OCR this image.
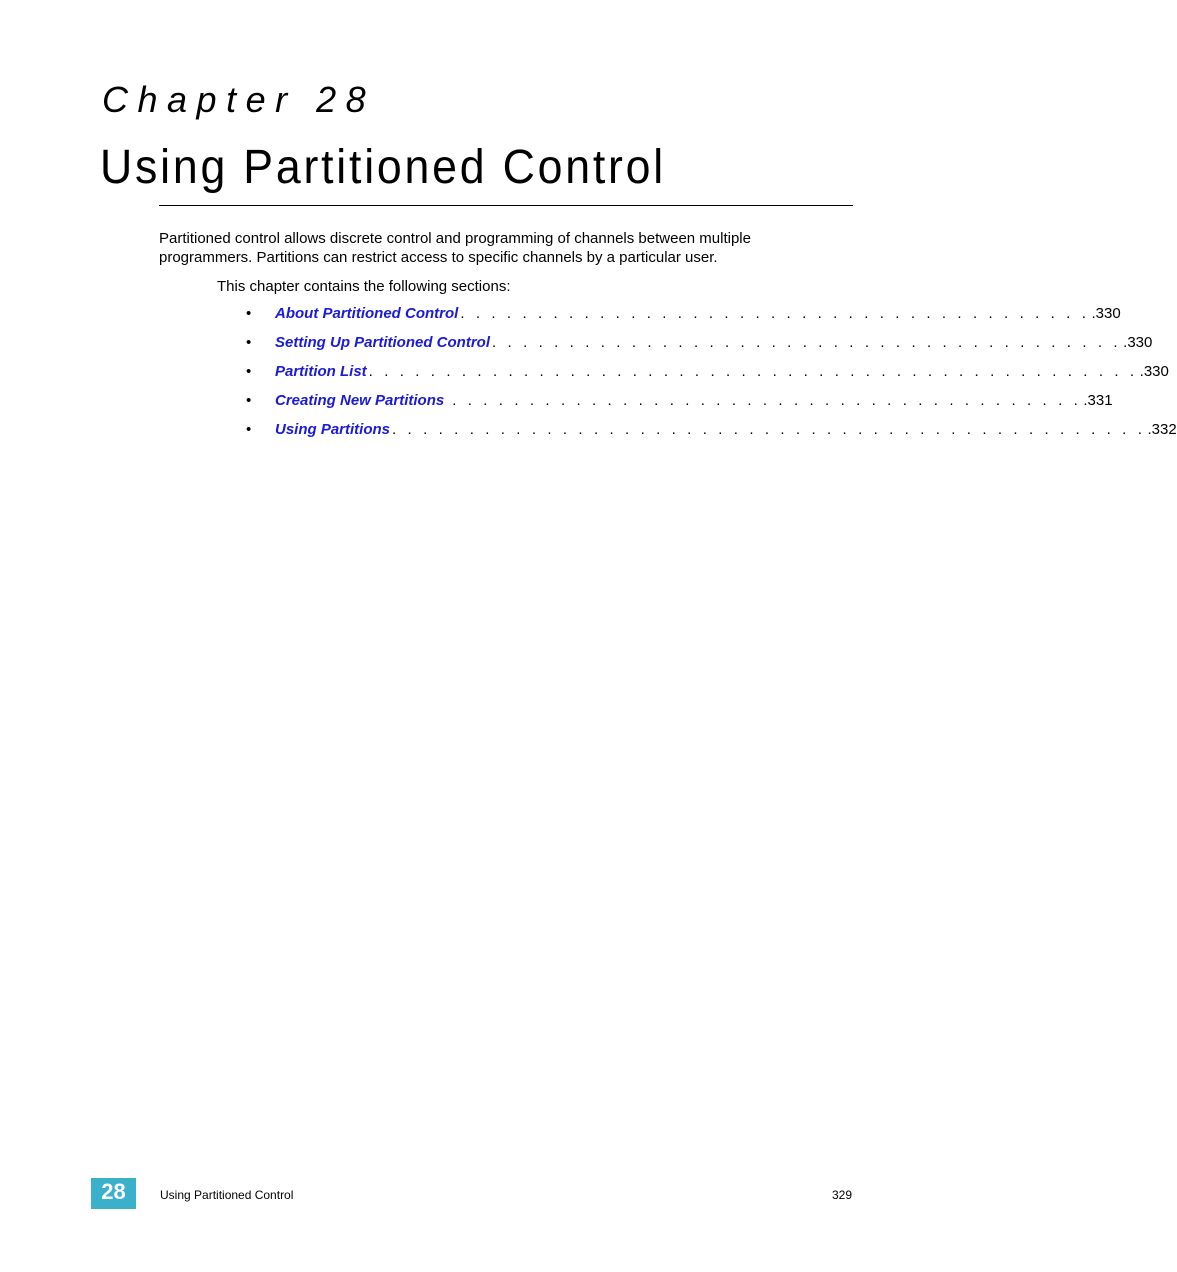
Chapter 28
Using Partitioned Control

Partitioned control allows discrete control and programming of channels between multiple programmers. Partitions can restrict access to specific channels by a particular user.

This chapter contains the following sections:

• About Partitioned Control . . . . . . . . . . . . . . . . . . . . . . . . . . . . . . . . . . . . . . . . . .330
• Setting Up Partitioned Control . . . . . . . . . . . . . . . . . . . . . . . . . . . . . . . . . . . . . . . . . .330
• Partition List . . . . . . . . . . . . . . . . . . . . . . . . . . . . . . . . . . . . . . . . . . . . . . . . . . .330
• Creating New Partitions . . . . . . . . . . . . . . . . . . . . . . . . . . . . . . . . . . . . . . . . . .331
• Using Partitions . . . . . . . . . . . . . . . . . . . . . . . . . . . . . . . . . . . . . . . . . . . . . . . . . .332
28	Using Partitioned Control	329
